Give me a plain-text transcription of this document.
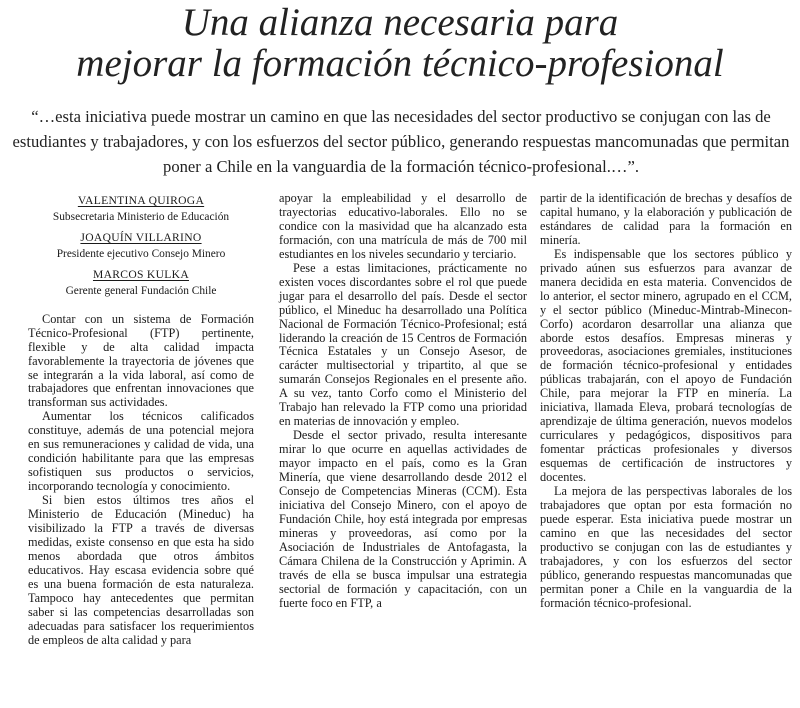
Una alianza necesaria para
mejorar la formación técnico-profesional
“…esta iniciativa puede mostrar un camino en que las necesidades del sector productivo se conjugan con las de estudiantes y trabajadores, y con los esfuerzos del sector público, generando respuestas mancomunadas que permitan poner a Chile en la vanguardia de la formación técnico-profesional.…”.
VALENTINA QUIROGA
Subsecretaria Ministerio de Educación
JOAQUÍN VILLARINO
Presidente ejecutivo Consejo Minero
MARCOS KULKA
Gerente general Fundación Chile

Contar con un sistema de Formación Técnico-Profesional (FTP) pertinente, flexible y de alta calidad impacta favorablemente la trayectoria de jóvenes que se integrarán a la vida laboral, así como de trabajadores que enfrentan innovaciones que transforman sus actividades.

Aumentar los técnicos calificados constituye, además de una potencial mejora en sus remuneraciones y calidad de vida, una condición habilitante para que las empresas sofistiquen sus productos o servicios, incorporando tecnología y conocimiento.

Si bien estos últimos tres años el Ministerio de Educación (Mineduc) ha visibilizado la FTP a través de diversas medidas, existe consenso en que esta ha sido menos abordada que otros ámbitos educativos. Hay escasa evidencia sobre qué es una buena formación de esta naturaleza. Tampoco hay antecedentes que permitan saber si las competencias desarrolladas son adecuadas para satisfacer los requerimientos de empleos de alta calidad y para

apoyar la empleabilidad y el desarrollo de trayectorias educativo-laborales. Ello no se condice con la masividad que ha alcanzado esta formación, con una matrícula de más de 700 mil estudiantes en los niveles secundario y terciario.

Pese a estas limitaciones, prácticamente no existen voces discordantes sobre el rol que puede jugar para el desarrollo del país. Desde el sector público, el Mineduc ha desarrollado una Política Nacional de Formación Técnico-Profesional; está liderando la creación de 15 Centros de Formación Técnica Estatales y un Consejo Asesor, de carácter multisectorial y tripartito, al que se sumarán Consejos Regionales en el presente año. A su vez, tanto Corfo como el Ministerio del Trabajo han relevado la FTP como una prioridad en materias de innovación y empleo.

Desde el sector privado, resulta interesante mirar lo que ocurre en aquellas actividades de mayor impacto en el país, como es la Gran Minería, que viene desarrollando desde 2012 el Consejo de Competencias Mineras (CCM). Esta iniciativa del Consejo Minero, con el apoyo de Fundación Chile, hoy está integrada por empresas mineras y proveedoras, así como por la Asociación de Industriales de Antofagasta, la Cámara Chilena de la Construcción y Aprimin. A través de ella se busca impulsar una estrategia sectorial de formación y capacitación, con un fuerte foco en FTP, a

partir de la identificación de brechas y desafíos de capital humano, y la elaboración y publicación de estándares de calidad para la formación en minería.

Es indispensable que los sectores público y privado aúnen sus esfuerzos para avanzar de manera decidida en esta materia. Convencidos de lo anterior, el sector minero, agrupado en el CCM, y el sector público (Mineduc-Mintrab-Minecon-Corfo) acordaron desarrollar una alianza que aborde estos desafíos. Empresas mineras y proveedoras, asociaciones gremiales, instituciones de formación técnico-profesional y entidades públicas trabajarán, con el apoyo de Fundación Chile, para mejorar la FTP en minería. La iniciativa, llamada Eleva, probará tecnologías de aprendizaje de última generación, nuevos modelos curriculares y pedagógicos, dispositivos para fomentar prácticas profesionales y diversos esquemas de certificación de instructores y docentes.

La mejora de las perspectivas laborales de los trabajadores que optan por esta formación no puede esperar. Esta iniciativa puede mostrar un camino en que las necesidades del sector productivo se conjugan con las de estudiantes y trabajadores, y con los esfuerzos del sector público, generando respuestas mancomunadas que permitan poner a Chile en la vanguardia de la formación técnico-profesional.
